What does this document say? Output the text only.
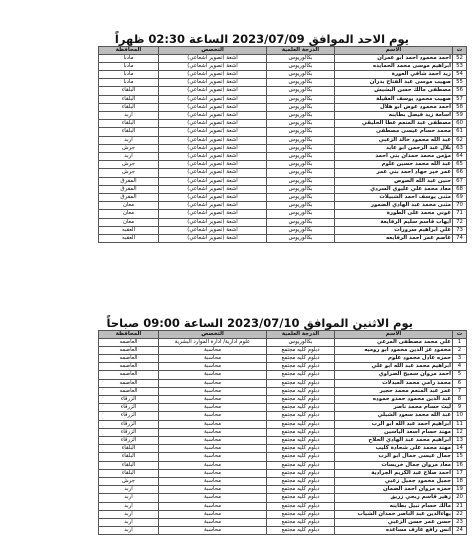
يوم الاحد الموافق 2023/07/09 الساعة 02:30 ظهراً
ت	الاسم	الدرجة العلمية	التخصص	المحافظة
52	احمد محمود احمد ابو عمران	بكالوريوس	اشعة (تصوير اشعاعي)	مادبا
53	ابراهيم موسى محمد الحمايده	بكالوريوس	اشعة (تصوير اشعاعي)	مادبا
54	زيد احمد شافي العورة	بكالوريوس	اشعة (تصوير اشعاعي)	مادبا
55	صهيب موسى عبد الفتاح بدران	بكالوريوس	اشعة (تصوير اشعاعي)	مادبا
56	مصطفى مالك حسن البشيش	بكالوريوس	اشعة (تصوير اشعاعي)	البلقاء
57	صهيب محمود يوسف العقيلة	بكالوريوس	اشعة (تصوير اشعاعي)	البلقاء
58	احمد محمود عوض ابو هلال	بكالوريوس	اشعة (تصوير اشعاعي)	البلقاء
59	اسامة زيد فيصل بطاينه	بكالوريوس	اشعة (تصوير اشعاعي)	اربد
60	مصطفى عبد المنعم عطا الحليقي	بكالوريوس	اشعة (تصوير اشعاعي)	البلقاء
61	محمد حسام عيسى مصطفى	بكالوريوس	اشعة (تصوير اشعاعي)	البلقاء
62	عبد الله محمود خالد الزعبي	بكالوريوس	اشعة (تصوير اشعاعي)	اربد
63	بلال عبد الرحمن ابو عايد	بكالوريوس	اشعة (تصوير اشعاعي)	جرش
64	مؤمن محمد حمدان بني احمد	بكالوريوس	اشعة (تصوير اشعاعي)	اربد
65	عبد الله محمد حسين علوم	بكالوريوس	اشعة (تصوير اشعاعي)	جرش
66	عمر خير جهاد احمد بني عمر	بكالوريوس	اشعة (تصوير اشعاعي)	جرش
67	حنين عبد الله الصوص	بكالوريوس	اشعة (تصوير اشعاعي)	المفرق
68	معاذ محمد علي عليوي السردي	بكالوريوس	اشعة (تصوير اشعاعي)	المفرق
69	مثنى يوسف احمد الشبيلات	بكالوريوس	اشعة (تصوير اشعاعي)	المفرق
70	مثنى محمد عبد الهادي الضمور	بكالوريوس	اشعة (تصوير اشعاعي)	معان
71	عوني محمد على الطورة	بكالوريوس	اشعة (تصوير اشعاعي)	معان
72	ايهاب قاسم سليم الرفايعة	بكالوريوس	اشعة (تصوير اشعاعي)	معان
73	علي ابراهيم سرورات	بكالوريوس	اشعة (تصوير اشعاعي)	العقبه
74	عاصم عمر احمد الرفايعه	بكالوريوس	اشعة (تصوير اشعاعي)	العقبه
يوم الاثنين الموافق 2023/07/10 الساعة 09:00 صباحاً
ت	الاسم	الدرجة العلمية	التخصص	المحافظة
1	علي محمد مصطفى المرعي	بكالوريوس	علوم ادارية/ ادارة الموارد البشرية	العاصمه
2	محمود عز الدين محمود ابو روميه	دبلوم كليه مجتمع	محاسبة	العاصمه
3	حمزه عادل محمود علوم	دبلوم كليه مجتمع	محاسبة	العاصمه
4	ابراهيم محمد عبد الله ابو علي	دبلوم كليه مجتمع	محاسبة	العاصمه
5	احمد مروان سميح الصراوي	دبلوم كليه مجتمع	محاسبة	العاصمه
6	محمد رامي محمد العبدلات	دبلوم كليه مجتمع	محاسبة	العاصمه
7	عمر عبد المنعم محمد حجير	دبلوم كليه مجتمع	محاسبة	العاصمه
8	عبد الدين محمود حمدو حموده	دبلوم كليه مجتمع	محاسبة	الزرقاء
9	ليث حسام محمد ناصر	دبلوم كليه مجتمع	محاسبة	الزرقاء
10	عبد الله محمد سعود الشبلي	دبلوم كليه مجتمع	محاسبة	الزرقاء
11	ابراهيم احمد عبد الله ابو الرب	دبلوم كليه مجتمع	محاسبة	الزرقاء
12	مهند حسام اسعد الياسين	دبلوم كليه مجتمع	محاسبة	الزرقاء
13	ابراهيم محمد عبد الهادي الحلاج	دبلوم كليه مجتمع	محاسبة	الزرقاء
14	مهند محمد على شحادة كليب	دبلوم كليه مجتمع	محاسبة	البلقاء
15	جمال عيسى جمال ابو الرب	دبلوم كليه مجتمع	محاسبة	البلقاء
16	معاذ مروان جمال خريسات	دبلوم كليه مجتمع	محاسبة	البلقاء
17	احمد صلاح عبد الكريم الجرادية	دبلوم كليه مجتمع	محاسبة	البلقاء
18	جميل محمود جميل زعبي	دبلوم كليه مجتمع	محاسبة	جرش
19	حمزه مروان احمد الضمان	دبلوم كليه مجتمع	محاسبة	اربد
20	زهير قاسم ربحي زريق	دبلوم كليه مجتمع	محاسبة	اربد
21	مالك حسام نبيل بطاينه	دبلوم كليه مجتمع	محاسبة	اربد
22	بهاءالدين عبد الناصر حمدان الشياب	دبلوم كليه مجتمع	محاسبة	اربد
23	حسن عمر حسن الزعبي	دبلوم كليه مجتمع	محاسبة	اربد
24	انس رافع عارف مساعده	دبلوم كليه مجتمع	محاسبة	اربد
